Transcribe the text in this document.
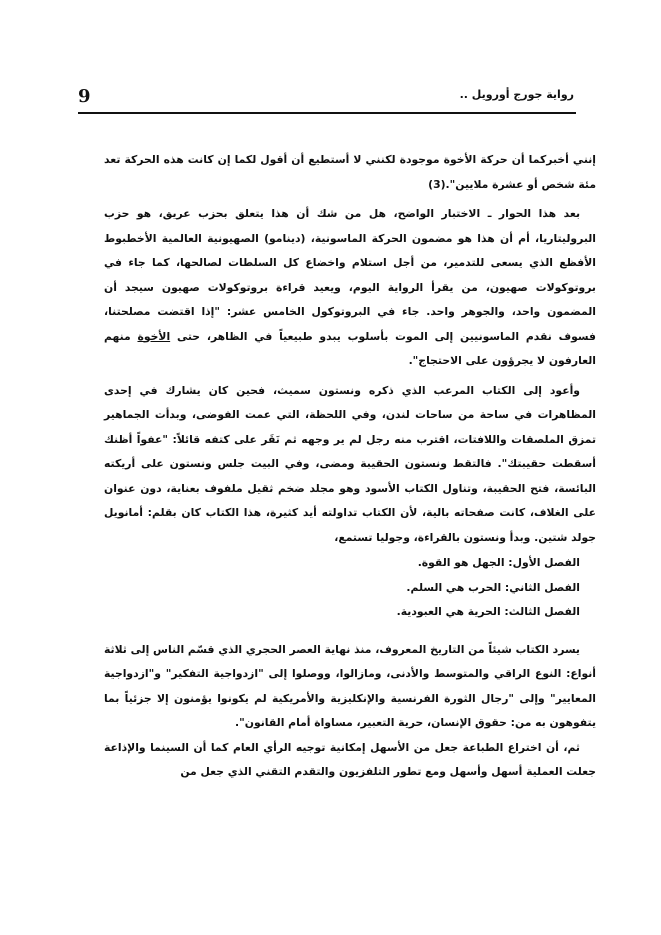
9	رواية جورج أورويل ..

إنني أخبركما أن حركة الأخوة موجودة لكنني لا أستطيع أن أقول لكما إن كانت هذه الحركة تعد مئة شخص أو عشرة ملايين".(3)

بعد هذا الحوار ـ الاختبار الواضح، هل من شك أن هذا يتعلق بحزب عريق، هو حزب البروليتاريا، أم أن هذا هو مضمون الحركة الماسونية، (دينامو) الصهيونية العالمية الأخطبوط الأفظع الذي يسعى للتدمير، من أجل استلام واخضاع كل السلطات لصالحها، كما جاء في بروتوكولات صهيون، من يقرأ الرواية اليوم، ويعيد قراءة بروتوكولات صهيون سيجد أن المضمون واحد، والجوهر واحد. جاء في البروتوكول الخامس عشر: "إذا اقتضت مصلحتنا، فسوف نقدم الماسونيين إلى الموت بأسلوب يبدو طبيعياً في الظاهر، حتى الأخوة منهم العارفون لا يجرؤون على الاحتجاج".

وأعود إلى الكتاب المرعب الذي ذكره ونستون سميث، فحين كان يشارك في إحدى المظاهرات في ساحة من ساحات لندن، وفي اللحظة، التي عمت الفوضى، وبدأت الجماهير تمزق الملصقات واللافتات، اقترب منه رجل لم ير وجهه ثم نَقَر على كتفه قائلاً: "عفواً أظنك أسقطت حقيبتك". فالتقط ونستون الحقيبة ومضى، وفي البيت جلس ونستون على أريكته البائسة، فتح الحقيبة، وتناول الكتاب الأسود وهو مجلد ضخم ثقيل ملفوف بعناية، دون عنوان على الغلاف، كانت صفحاته بالية، لأن الكتاب تداولته أيد كثيرة، هذا الكتاب كان بقلم: أمانويل جولد شتين. وبدأ ونستون بالقراءة، وجوليا تستمع،

الفصل الأول: الجهل هو القوة.
الفصل الثاني: الحرب هي السلم.
الفصل الثالث: الحرية هي العبودية.

يسرد الكتاب شيئاً من التاريخ المعروف، منذ نهاية العصر الحجري الذي قسّم الناس إلى ثلاثة أنواع: النوع الراقي والمتوسط والأدنى، ومازالوا، ووصلوا إلى "ازدواجية التفكير" و"ازدواجية المعايير" وإلى "رجال الثورة الفرنسية والإنكليزية والأمريكية لم يكونوا يؤمنون إلا جزئياً بما يتفوهون به من: حقوق الإنسان، حرية التعبير، مساواة أمام القانون".

ثم، أن اختراع الطباعة جعل من الأسهل إمكانية توجيه الرأي العام كما أن السينما والإذاعة جعلت العملية أسهل وأسهل ومع تطور التلفزيون والتقدم التقني الذي جعل من
